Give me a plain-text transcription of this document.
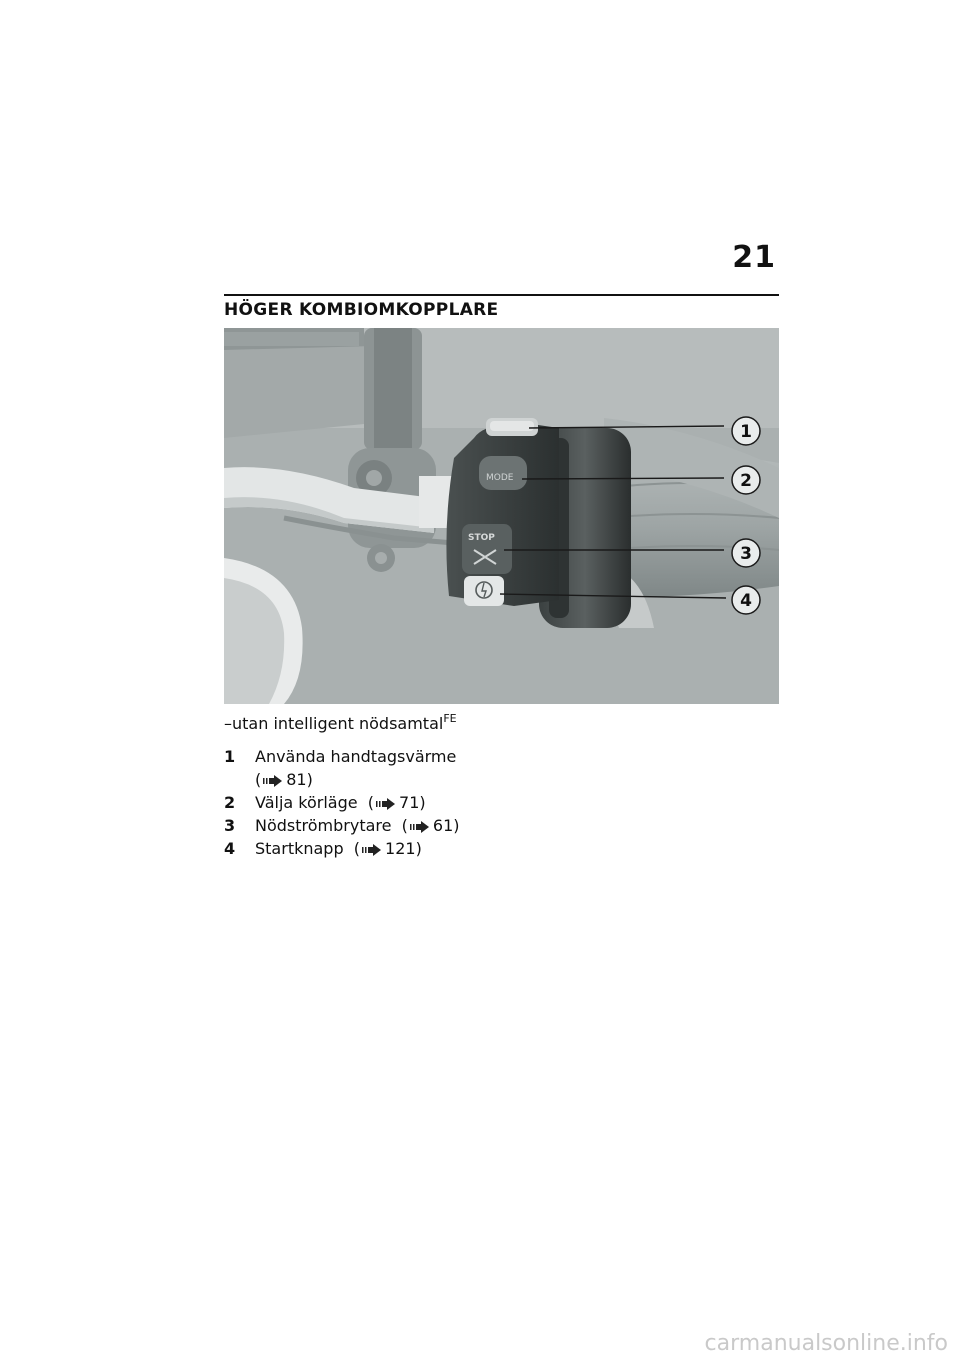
21
HÖGER KOMBIOMKOPPLARE
MODE
STOP
1
2
3
4
–utan intelligent nödsamtal$^{FE}$
1	Använda handtagsvärme
( 81)
2	Välja körläge  ( 71)
3	Nödströmbrytare  ( 61)
4	Startknapp  ( 121)
carmanualsonline.info
